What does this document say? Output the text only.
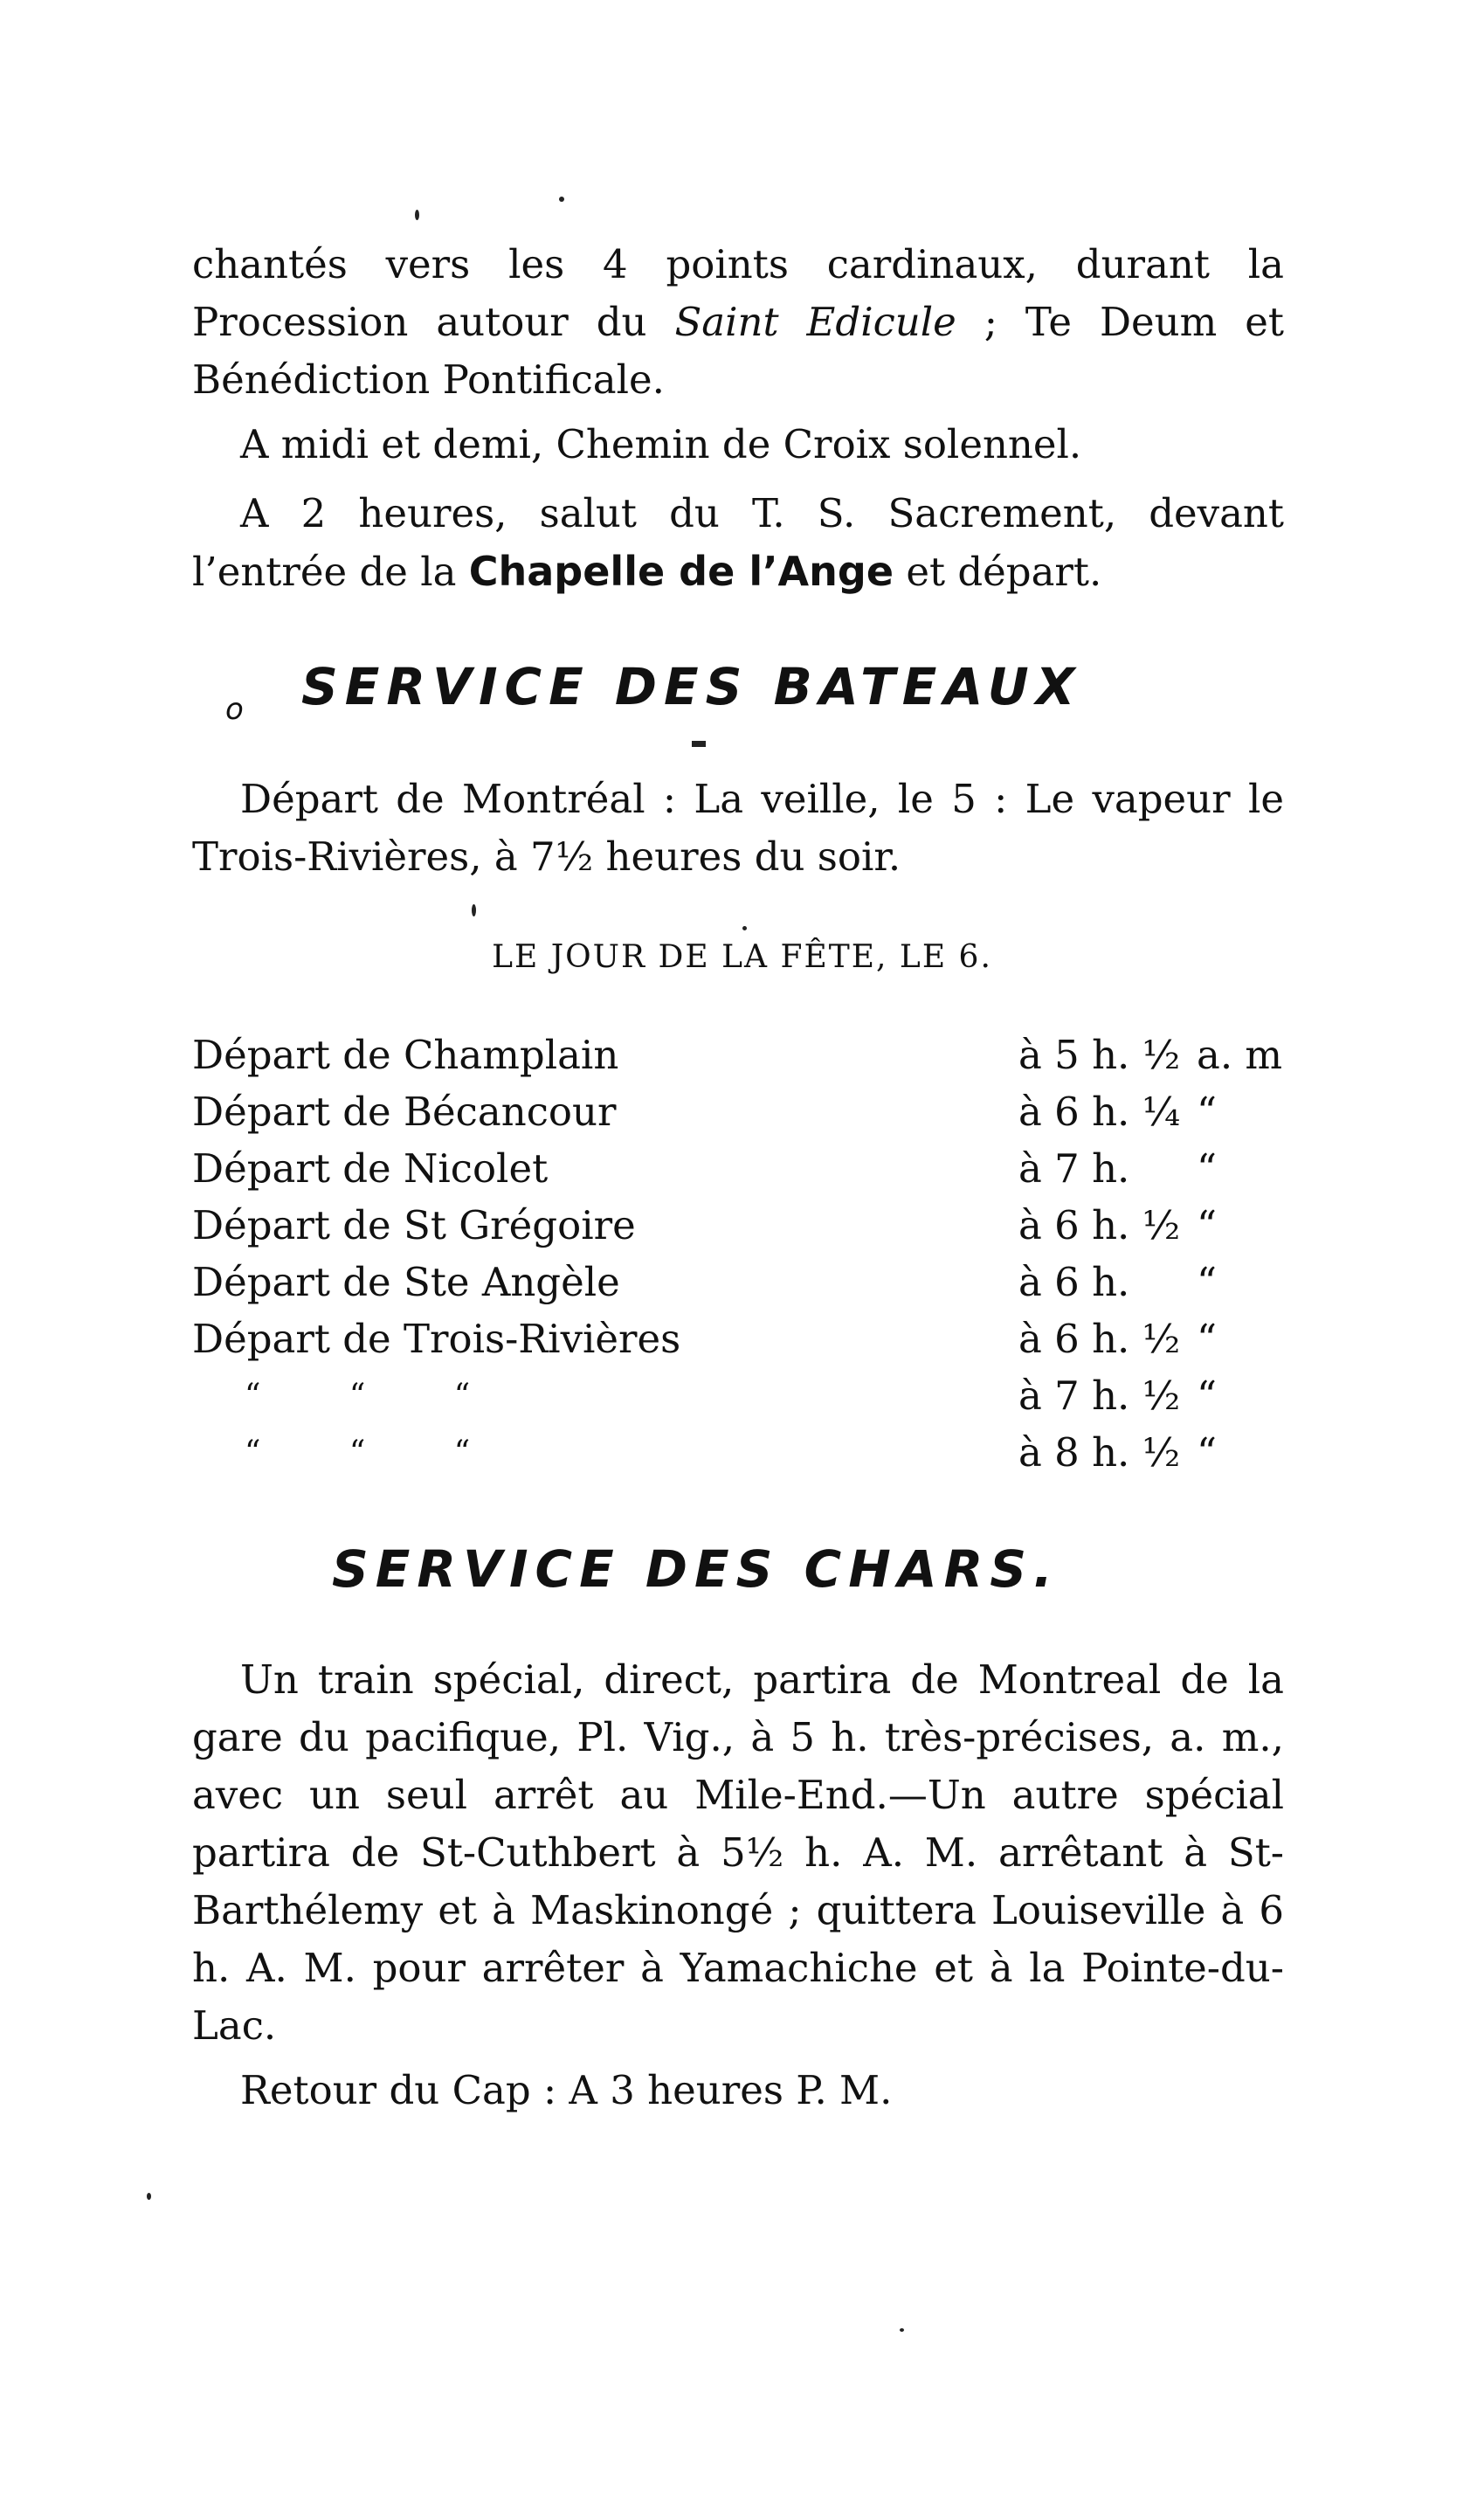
chantés vers les 4 points cardinaux, durant la Procession autour du Saint Edicule ; Te Deum et Bénédiction Pontificale.

A midi et demi, Chemin de Croix solennel.

A 2 heures, salut du T. S. Sacrement, devant l’entrée de la Chapelle de l’Ange et départ.

o SERVICE DES BATEAUX

Départ de Montréal : La veille, le 5 : Le vapeur le Trois-Rivières, à 7½ heures du soir.

LE JOUR DE LA FÊTE, LE 6.

Départ de Champlain	à 5 h. ½ a. m
Départ de Bécancour	à 6 h. ¼ “
Départ de Nicolet	à 7 h. “
Départ de St Grégoire	à 6 h. ½ “
Départ de Ste Angèle	à 6 h. “
Départ de Trois-Rivières	à 6 h. ½ “
“ “ “	à 7 h. ½ “
“ “ “	à 8 h. ½ “
SERVICE DES CHARS.

Un train spécial, direct, partira de Montreal de la gare du pacifique, Pl. Vig., à 5 h. très-précises, a. m., avec un seul arrêt au Mile-End.—Un autre spécial partira de St-Cuthbert à 5½ h. A. M. arrêtant à St-Barthélemy et à Maskinongé ; quittera Louiseville à 6 h. A. M. pour arrêter à Yamachiche et à la Pointe-du-Lac.

Retour du Cap : A 3 heures P. M.
